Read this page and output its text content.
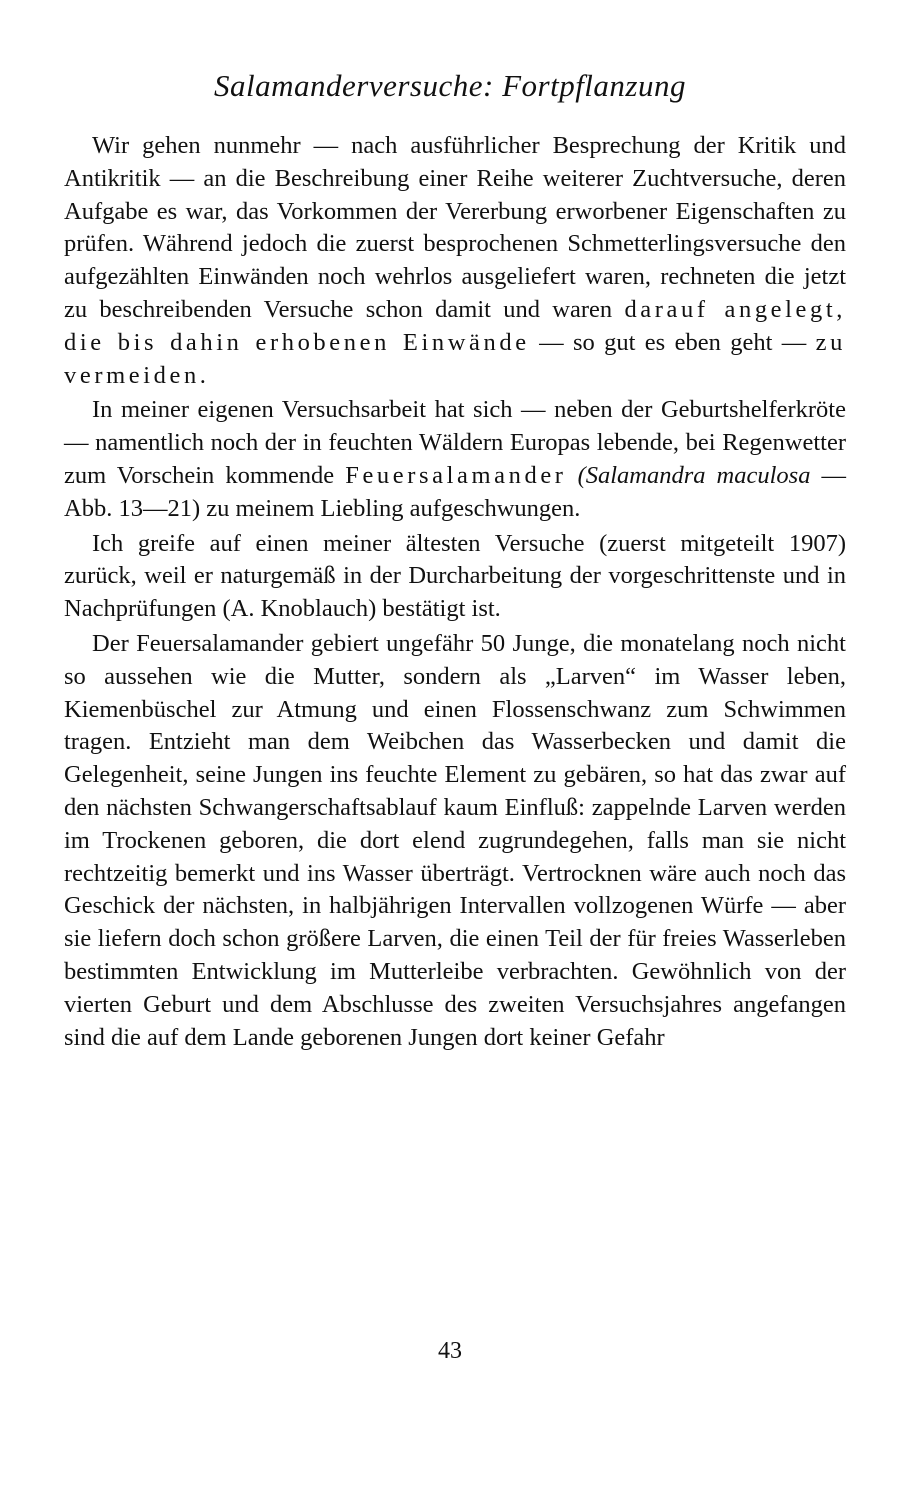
Salamanderversuche: Fortpflanzung

Wir gehen nunmehr — nach ausführlicher Besprechung der Kritik und Antikritik — an die Beschreibung einer Reihe weiterer Zuchtversuche, deren Aufgabe es war, das Vorkommen der Vererbung erworbener Eigenschaften zu prüfen. Während jedoch die zuerst besprochenen Schmetterlingsversuche den aufgezählten Einwänden noch wehrlos ausgeliefert waren, rechneten die jetzt zu beschreibenden Versuche schon damit und waren darauf angelegt, die bis dahin erhobenen Einwände — so gut es eben geht — zu vermeiden.

In meiner eigenen Versuchsarbeit hat sich — neben der Geburtshelferkröte — namentlich noch der in feuchten Wäldern Europas lebende, bei Regenwetter zum Vorschein kommende Feuersalamander (Salamandra maculosa — Abb. 13—21) zu meinem Liebling aufgeschwungen.

Ich greife auf einen meiner ältesten Versuche (zuerst mitgeteilt 1907) zurück, weil er naturgemäß in der Durcharbeitung der vorgeschrittenste und in Nachprüfungen (A. Knoblauch) bestätigt ist.

Der Feuersalamander gebiert ungefähr 50 Junge, die monatelang noch nicht so aussehen wie die Mutter, sondern als „Larven“ im Wasser leben, Kiemenbüschel zur Atmung und einen Flossenschwanz zum Schwimmen tragen. Entzieht man dem Weibchen das Wasserbecken und damit die Gelegenheit, seine Jungen ins feuchte Element zu gebären, so hat das zwar auf den nächsten Schwangerschaftsablauf kaum Einfluß: zappelnde Larven werden im Trockenen geboren, die dort elend zugrundegehen, falls man sie nicht rechtzeitig bemerkt und ins Wasser überträgt. Vertrocknen wäre auch noch das Geschick der nächsten, in halbjährigen Intervallen vollzogenen Würfe — aber sie liefern doch schon größere Larven, die einen Teil der für freies Wasserleben bestimmten Entwicklung im Mutterleibe verbrachten. Gewöhnlich von der vierten Geburt und dem Abschlusse des zweiten Versuchsjahres angefangen sind die auf dem Lande geborenen Jungen dort keiner Gefahr

43
